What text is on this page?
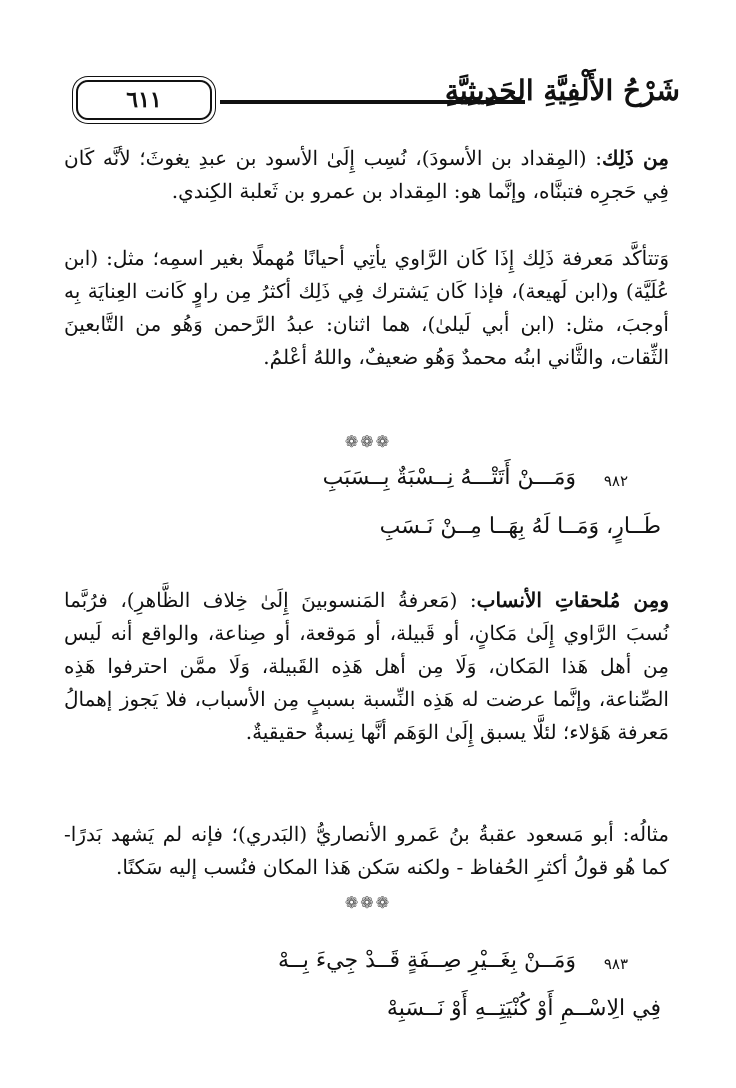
٦١١	شَرْحُ الأَلْفِيَّةِ الحَدِيثِيَّةِ
مِن ذَلِك: (المِقداد بن الأسودَ)، نُسِب إِلَىٰ الأسود بن عبدِ يغوثَ؛ لأنَّه كَان فِي حَجرِه فتبنَّاه، وإنَّما هو: المِقداد بن عمرو بن ثَعلبة الكِندي.
وَتتأكَّد مَعرفة ذَلِك إِذَا كَان الرَّاوي يأتِي أحيانًا مُهملًا بغير اسمِه؛ مثل: (ابن عُلَيَّة) و(ابن لَهيعة)، فإذا كَان يَشترك فِي ذَلِك أكثرُ مِن راوٍ كَانت العِنايَة بِه أوجبَ، مثل: (ابن أبي لَيلىٰ)، هما اثنان: عبدُ الرَّحمن وَهُو من التَّابعينَ الثِّقات، والثَّاني ابنُه محمدٌ وَهُو ضعيفٌ، واللهُ أعْلمُ.
❁❁❁
٩٨٢
وَمَـــنْ أَتَتْـــهُ نِــسْبَةٌ بِــسَبَبِ
طَــارٍ، وَمَــا لَهُ بِهَــا مِــنْ نَـسَبِ
ومِن مُلحقاتِ الأنساب: (مَعرفةُ المَنسوبينَ إِلَىٰ خِلاف الظَّاهرِ)، فرُبَّما نُسبَ الرَّاوي إِلَىٰ مَكانٍ، أو قَبيلة، أو مَوقعة، أو صِناعة، والواقع أنه لَيس مِن أهل هَذا المَكان، وَلَا مِن أهل هَذِه القَبيلة، وَلَا ممَّن احترفوا هَذِه الصِّناعة، وإنَّما عرضت له هَذِه النِّسبة بسببٍ مِن الأسباب، فلا يَجوز إهمالُ مَعرفة هَؤلاء؛ لئلَّا يسبق إِلَىٰ الوَهَم أنَّها نِسبةٌ حقيقيةٌ.
مثالُه: أبو مَسعود عقبةُ بنُ عَمرو الأنصاريُّ (البَدري)؛ فإنه لم يَشهد بَدرًا- كما هُو قولُ أكثرِ الحُفاظ - ولكنه سَكن هَذا المكان فنُسب إليه سَكنًا.
❁❁❁
٩٨٣
وَمَــنْ بِغَــيْرِ صِــفَةٍ قَــدْ جِيءَ بِــهْ
فِي الِاسْــمِ أَوْ كُنْيَتِــهِ أَوْ نَــسَبِهْ
